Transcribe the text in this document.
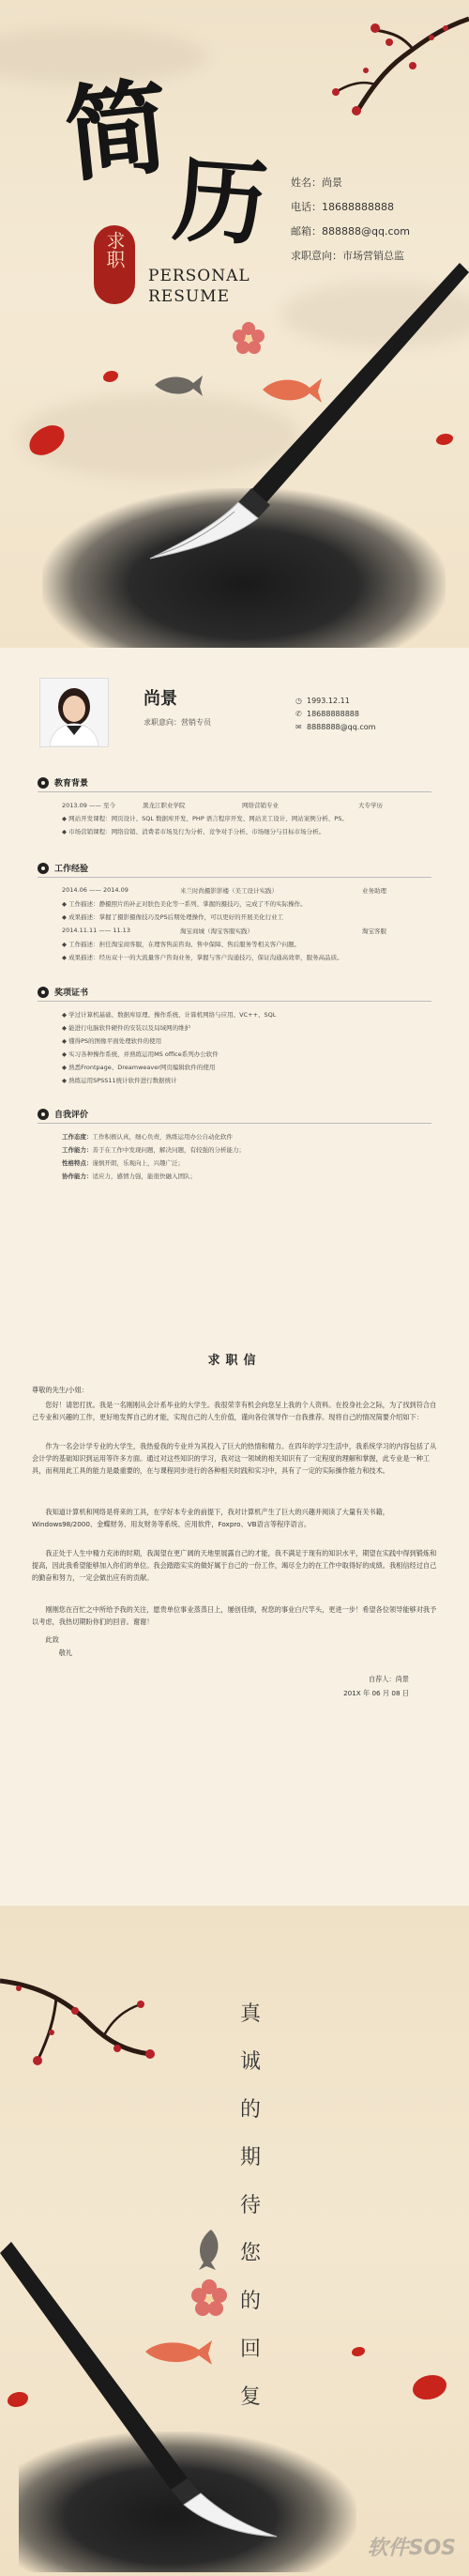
简
历
求职
PERSONAL
RESUME
姓名：尚景
电话：18688888888
邮箱：888888@qq.com
求职意向：市场营销总监
尚景
求职意向：营销专员
◷ 1993.12.11
✆ 18688888888
✉ 8888888@qq.com
教育背景
2013.09 —— 至今	黑龙江职业学院	网络营销专业	大专学历
◆ 网站开发课程：网页设计、SQL 数据库开发、PHP 语言程序开发、网站美工设计、网站案例分析、PS。
◆ 市场营销课程：网络营销、消费者市场及行为分析、竞争对手分析、市场细分与目标市场分析。
工作经验
2014.06 —— 2014.09	米兰时尚摄影影楼（美工设计实践）	业务助理
◆ 工作描述：静摄照片的补正对肤色美化等一系列、掌握的摄技巧，完成了不的实际操作。
◆ 成果描述：掌握了摄影摄像技巧及PS后期处理操作，可以更好的开展美化行业工
2014.11.11 —— 11.13	淘宝商城（淘宝客服实践）	淘宝客服
◆ 工作描述：担任淘宝商客服，在理客售前咨询、售中保障、售后服务等相关客户问题。
◆ 成果描述：经历双十一的大流量客户咨询业务，掌握与客户沟通技巧，保证沟通高效率，服务高品质。
奖项证书
◆ 学过计算机基础、数据库原理、操作系统、计算机网络与应用、VC++、SQL
◆ 能进行电脑软件硬件的安装以及局域网的维护
◆ 懂得PS的图像平面处理软件的使用
◆ 实习各种操作系统，并熟练运用MS office系列办公软件
◆ 熟悉Frontpage、Dreamweaver网页编辑软件的使用
◆ 熟练运用SPSS11统计软件进行数据统计
自我评价
工作态度：工作积极认真，细心负责，熟练运用办公自动化软件
工作能力：善于在工作中发现问题，解决问题，有较强的分析能力；
性格特点：谨慎开朗，乐观向上，兴趣广泛；
协作能力：适应力，感情力强，能很快融入团队；
求职信
尊敬的先生/小姐：
您好！请恕打扰。我是一名刚刚从会计系毕业的大学生。我很荣幸有机会向您呈上我的个人资料。在投身社会之际，为了找到符合自己专业和兴趣的工作，更好地发挥自己的才能，实现自己的人生价值，谨向各位领导作一自我推荐。现将自己的情况简要介绍如下：
作为一名会计学专业的大学生，我热爱我的专业并为其投入了巨大的热情和精力。在四年的学习生活中，我系统学习的内容包括了从会计学的基础知识到运用等许多方面。通过对这些知识的学习，我对这一领域的相关知识有了一定程度的理解和掌握，此专业是一种工具，而利用此工具的能力是最重要的，在与课程同步进行的各种相关时践和实习中，具有了一定的实际操作能力和技术。
我知道计算机和网络是将来的工具，在学好本专业的前提下，我对计算机产生了巨大的兴趣并阅读了大量有关书籍，Windows98/2000、金蝶财务、用友财务等系统、应用软件，Foxpro、VB语言等程序语言。
我正处于人生中精力充沛的时期，我渴望在更广阔的天地里展露自己的才能，我不满足于现有的知识水平，期望在实践中得到锻炼和提高，因此我希望能够加入你们的单位。我会踏踏实实的做好属于自己的一份工作，竭尽全力的在工作中取得好的成绩。我相信经过自己的勤奋和努力，一定会做出应有的贡献。
刚刚您在百忙之中所给予我的关注，愿贵单位事业蒸蒸日上，屡创佳绩，祝您的事业白尺竿头，更进一步！希望各位领导能够对我予以考虑，我热切期盼你们的回音。谢谢！
此致
敬礼
自荐人：尚景
201X 年 06 月 08 日
真
诚
的
期
待
您
的
回
复
软件SOS
